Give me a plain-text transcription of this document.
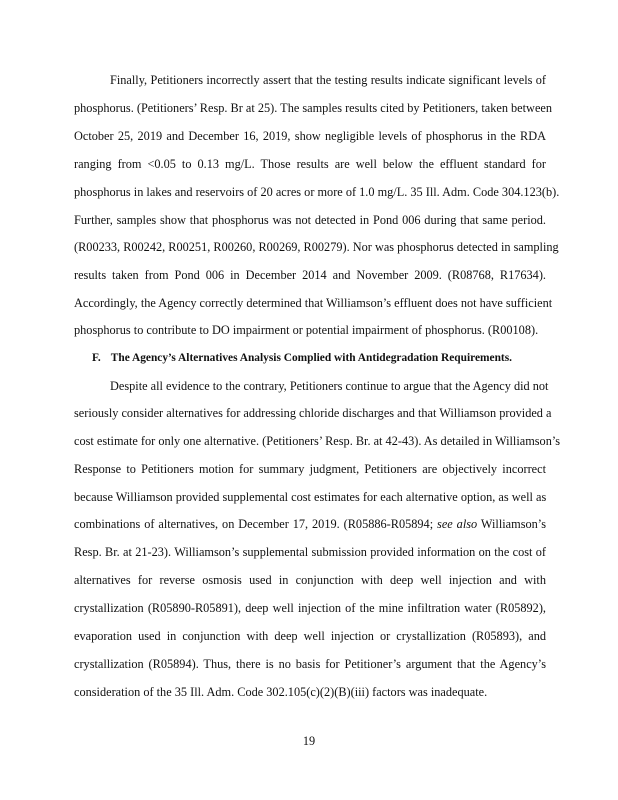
Finally, Petitioners incorrectly assert that the testing results indicate significant levels of
phosphorus. (Petitioners’ Resp. Br at 25). The samples results cited by Petitioners, taken between
October 25, 2019 and December 16, 2019, show negligible levels of phosphorus in the RDA
ranging from <0.05 to 0.13 mg/L. Those results are well below the effluent standard for
phosphorus in lakes and reservoirs of 20 acres or more of 1.0 mg/L. 35 Ill. Adm. Code 304.123(b).
Further, samples show that phosphorus was not detected in Pond 006 during that same period.
(R00233, R00242, R00251, R00260, R00269, R00279). Nor was phosphorus detected in sampling
results taken from Pond 006 in December 2014 and November 2009. (R08768, R17634).
Accordingly, the Agency correctly determined that Williamson’s effluent does not have sufficient
phosphorus to contribute to DO impairment or potential impairment of phosphorus. (R00108).
F. The Agency’s Alternatives Analysis Complied with Antidegradation Requirements.
Despite all evidence to the contrary, Petitioners continue to argue that the Agency did not
seriously consider alternatives for addressing chloride discharges and that Williamson provided a
cost estimate for only one alternative. (Petitioners’ Resp. Br. at 42-43). As detailed in Williamson’s
Response to Petitioners motion for summary judgment, Petitioners are objectively incorrect
because Williamson provided supplemental cost estimates for each alternative option, as well as
combinations of alternatives, on December 17, 2019. (R05886-R05894; see also Williamson’s
Resp. Br. at 21-23). Williamson’s supplemental submission provided information on the cost of
alternatives for reverse osmosis used in conjunction with deep well injection and with
crystallization (R05890-R05891), deep well injection of the mine infiltration water (R05892),
evaporation used in conjunction with deep well injection or crystallization (R05893), and
crystallization (R05894). Thus, there is no basis for Petitioner’s argument that the Agency’s
consideration of the 35 Ill. Adm. Code 302.105(c)(2)(B)(iii) factors was inadequate.
19
